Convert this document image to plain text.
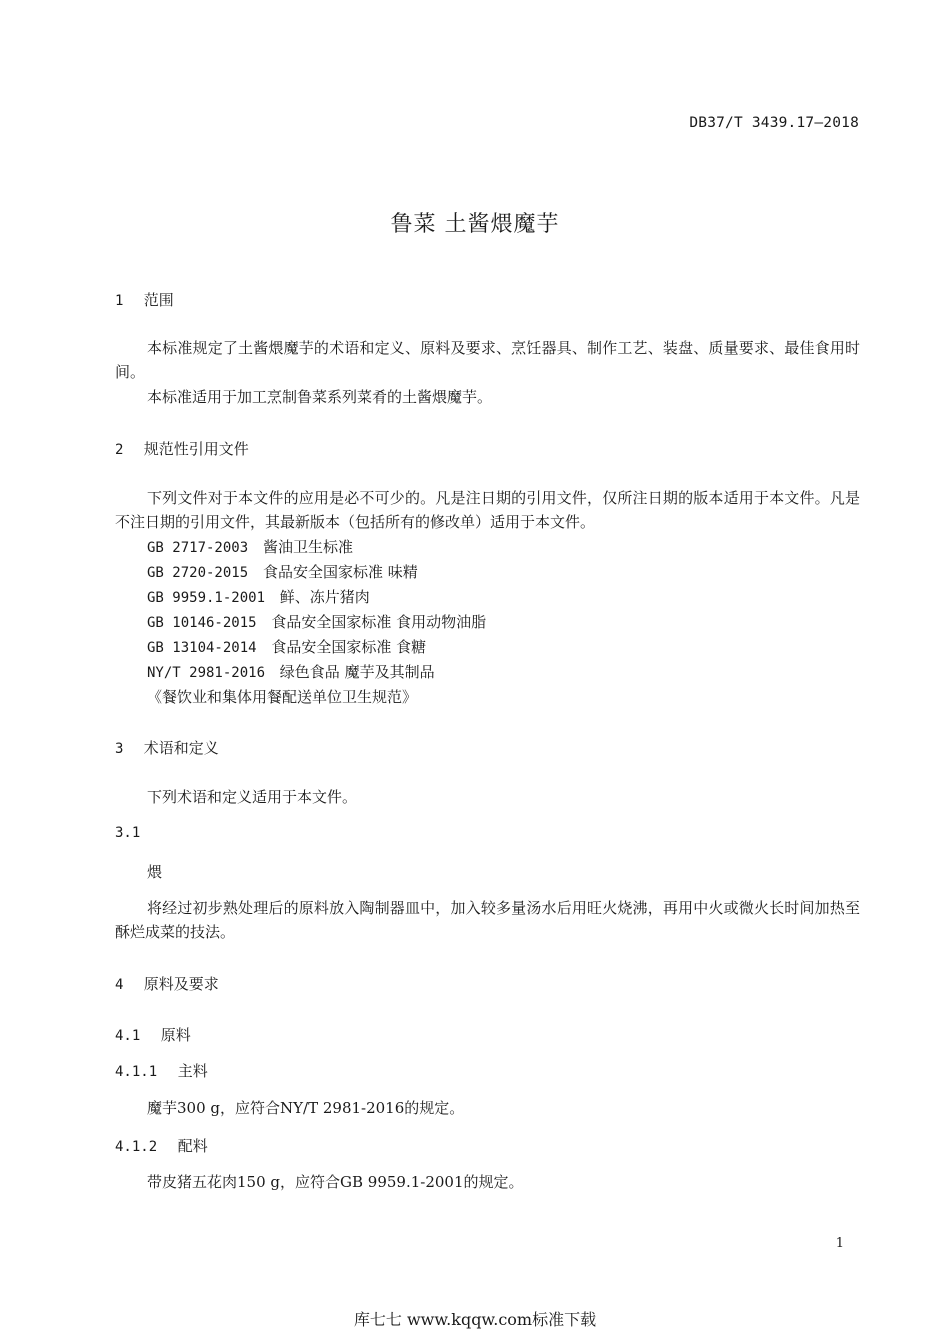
DB37/T 3439.17—2018
鲁菜 土酱煨魔芋
1 范围
本标准规定了土酱煨魔芋的术语和定义、原料及要求、烹饪器具、制作工艺、装盘、质量要求、最佳食用时间。
本标准适用于加工烹制鲁菜系列菜肴的土酱煨魔芋。
2 规范性引用文件
下列文件对于本文件的应用是必不可少的。凡是注日期的引用文件，仅所注日期的版本适用于本文件。凡是不注日期的引用文件，其最新版本（包括所有的修改单）适用于本文件。
GB 2717-2003 酱油卫生标准
GB 2720-2015 食品安全国家标准 味精
GB 9959.1-2001 鲜、冻片猪肉
GB 10146-2015 食品安全国家标准 食用动物油脂
GB 13104-2014 食品安全国家标准 食糖
NY/T 2981-2016 绿色食品 魔芋及其制品
《餐饮业和集体用餐配送单位卫生规范》
3 术语和定义
下列术语和定义适用于本文件。
3.1
煨
将经过初步熟处理后的原料放入陶制器皿中，加入较多量汤水后用旺火烧沸，再用中火或微火长时间加热至酥烂成菜的技法。
4 原料及要求
4.1 原料
4.1.1 主料
魔芋300 g，应符合NY/T 2981-2016的规定。
4.1.2 配料
带皮猪五花肉150 g，应符合GB 9959.1-2001的规定。
1
库七七 www.kqqw.com标准下载
